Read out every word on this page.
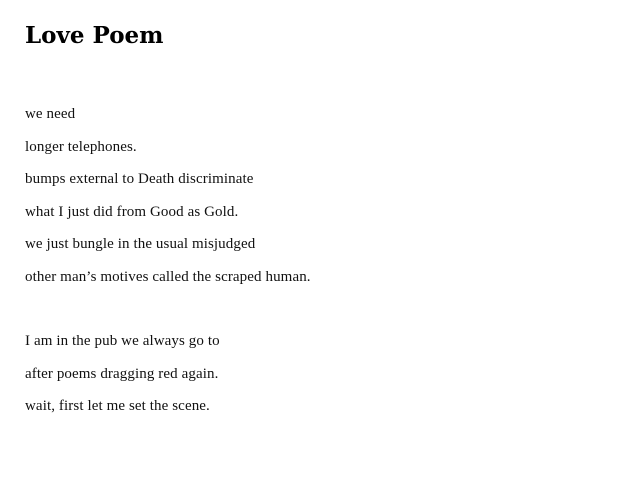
Love Poem
we need
longer telephones.
bumps external to Death discriminate
what I just did from Good as Gold.
we just bungle in the usual misjudged
other man’s motives called the scraped human.
I am in the pub we always go to
after poems dragging red again.
wait, first let me set the scene.
